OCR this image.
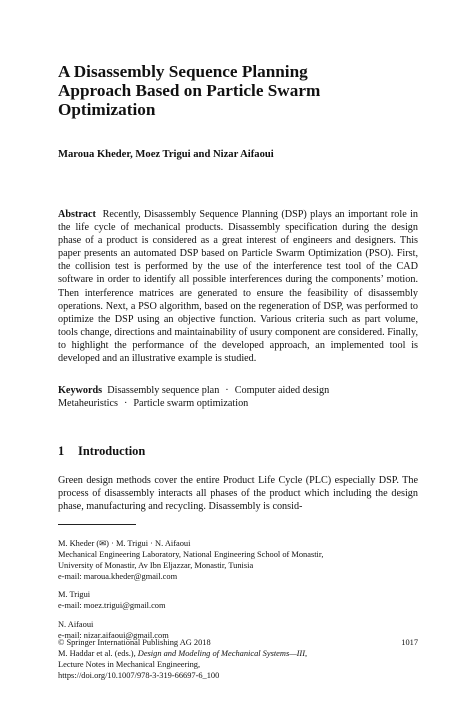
A Disassembly Sequence Planning
Approach Based on Particle Swarm
Optimization
Maroua Kheder, Moez Trigui and Nizar Aifaoui

Abstract Recently, Disassembly Sequence Planning (DSP) plays an important role in the life cycle of mechanical products. Disassembly specification during the design phase of a product is considered as a great interest of engineers and designers. This paper presents an automated DSP based on Particle Swarm Optimization (PSO). First, the collision test is performed by the use of the interference test tool of the CAD software in order to identify all possible interferences during the components’ motion. Then interference matrices are generated to ensure the feasibility of disassembly operations. Next, a PSO algorithm, based on the regeneration of DSP, was performed to optimize the DSP using an objective function. Various criteria such as part volume, tools change, directions and maintainability of usury component are considered. Finally, to highlight the performance of the developed approach, an implemented tool is developed and an illustrative example is studied.

Keywords Disassembly sequence plan · Computer aided design
Metaheuristics · Particle swarm optimization
1 Introduction

Green design methods cover the entire Product Life Cycle (PLC) especially DSP. The process of disassembly interacts all phases of the product which including the design phase, manufacturing and recycling. Disassembly is consid-

M. Kheder (✉) · M. Trigui · N. Aifaoui
Mechanical Engineering Laboratory, National Engineering School of Monastir,
University of Monastir, Av Ibn Eljazzar, Monastir, Tunisia
e-mail: maroua.kheder@gmail.com
M. Trigui
e-mail: moez.trigui@gmail.com
N. Aifaoui
e-mail: nizar.aifaoui@gmail.com
© Springer International Publishing AG 2018
M. Haddar et al. (eds.), Design and Modeling of Mechanical Systems—III,
Lecture Notes in Mechanical Engineering,
https://doi.org/10.1007/978-3-319-66697-6_100
1017
